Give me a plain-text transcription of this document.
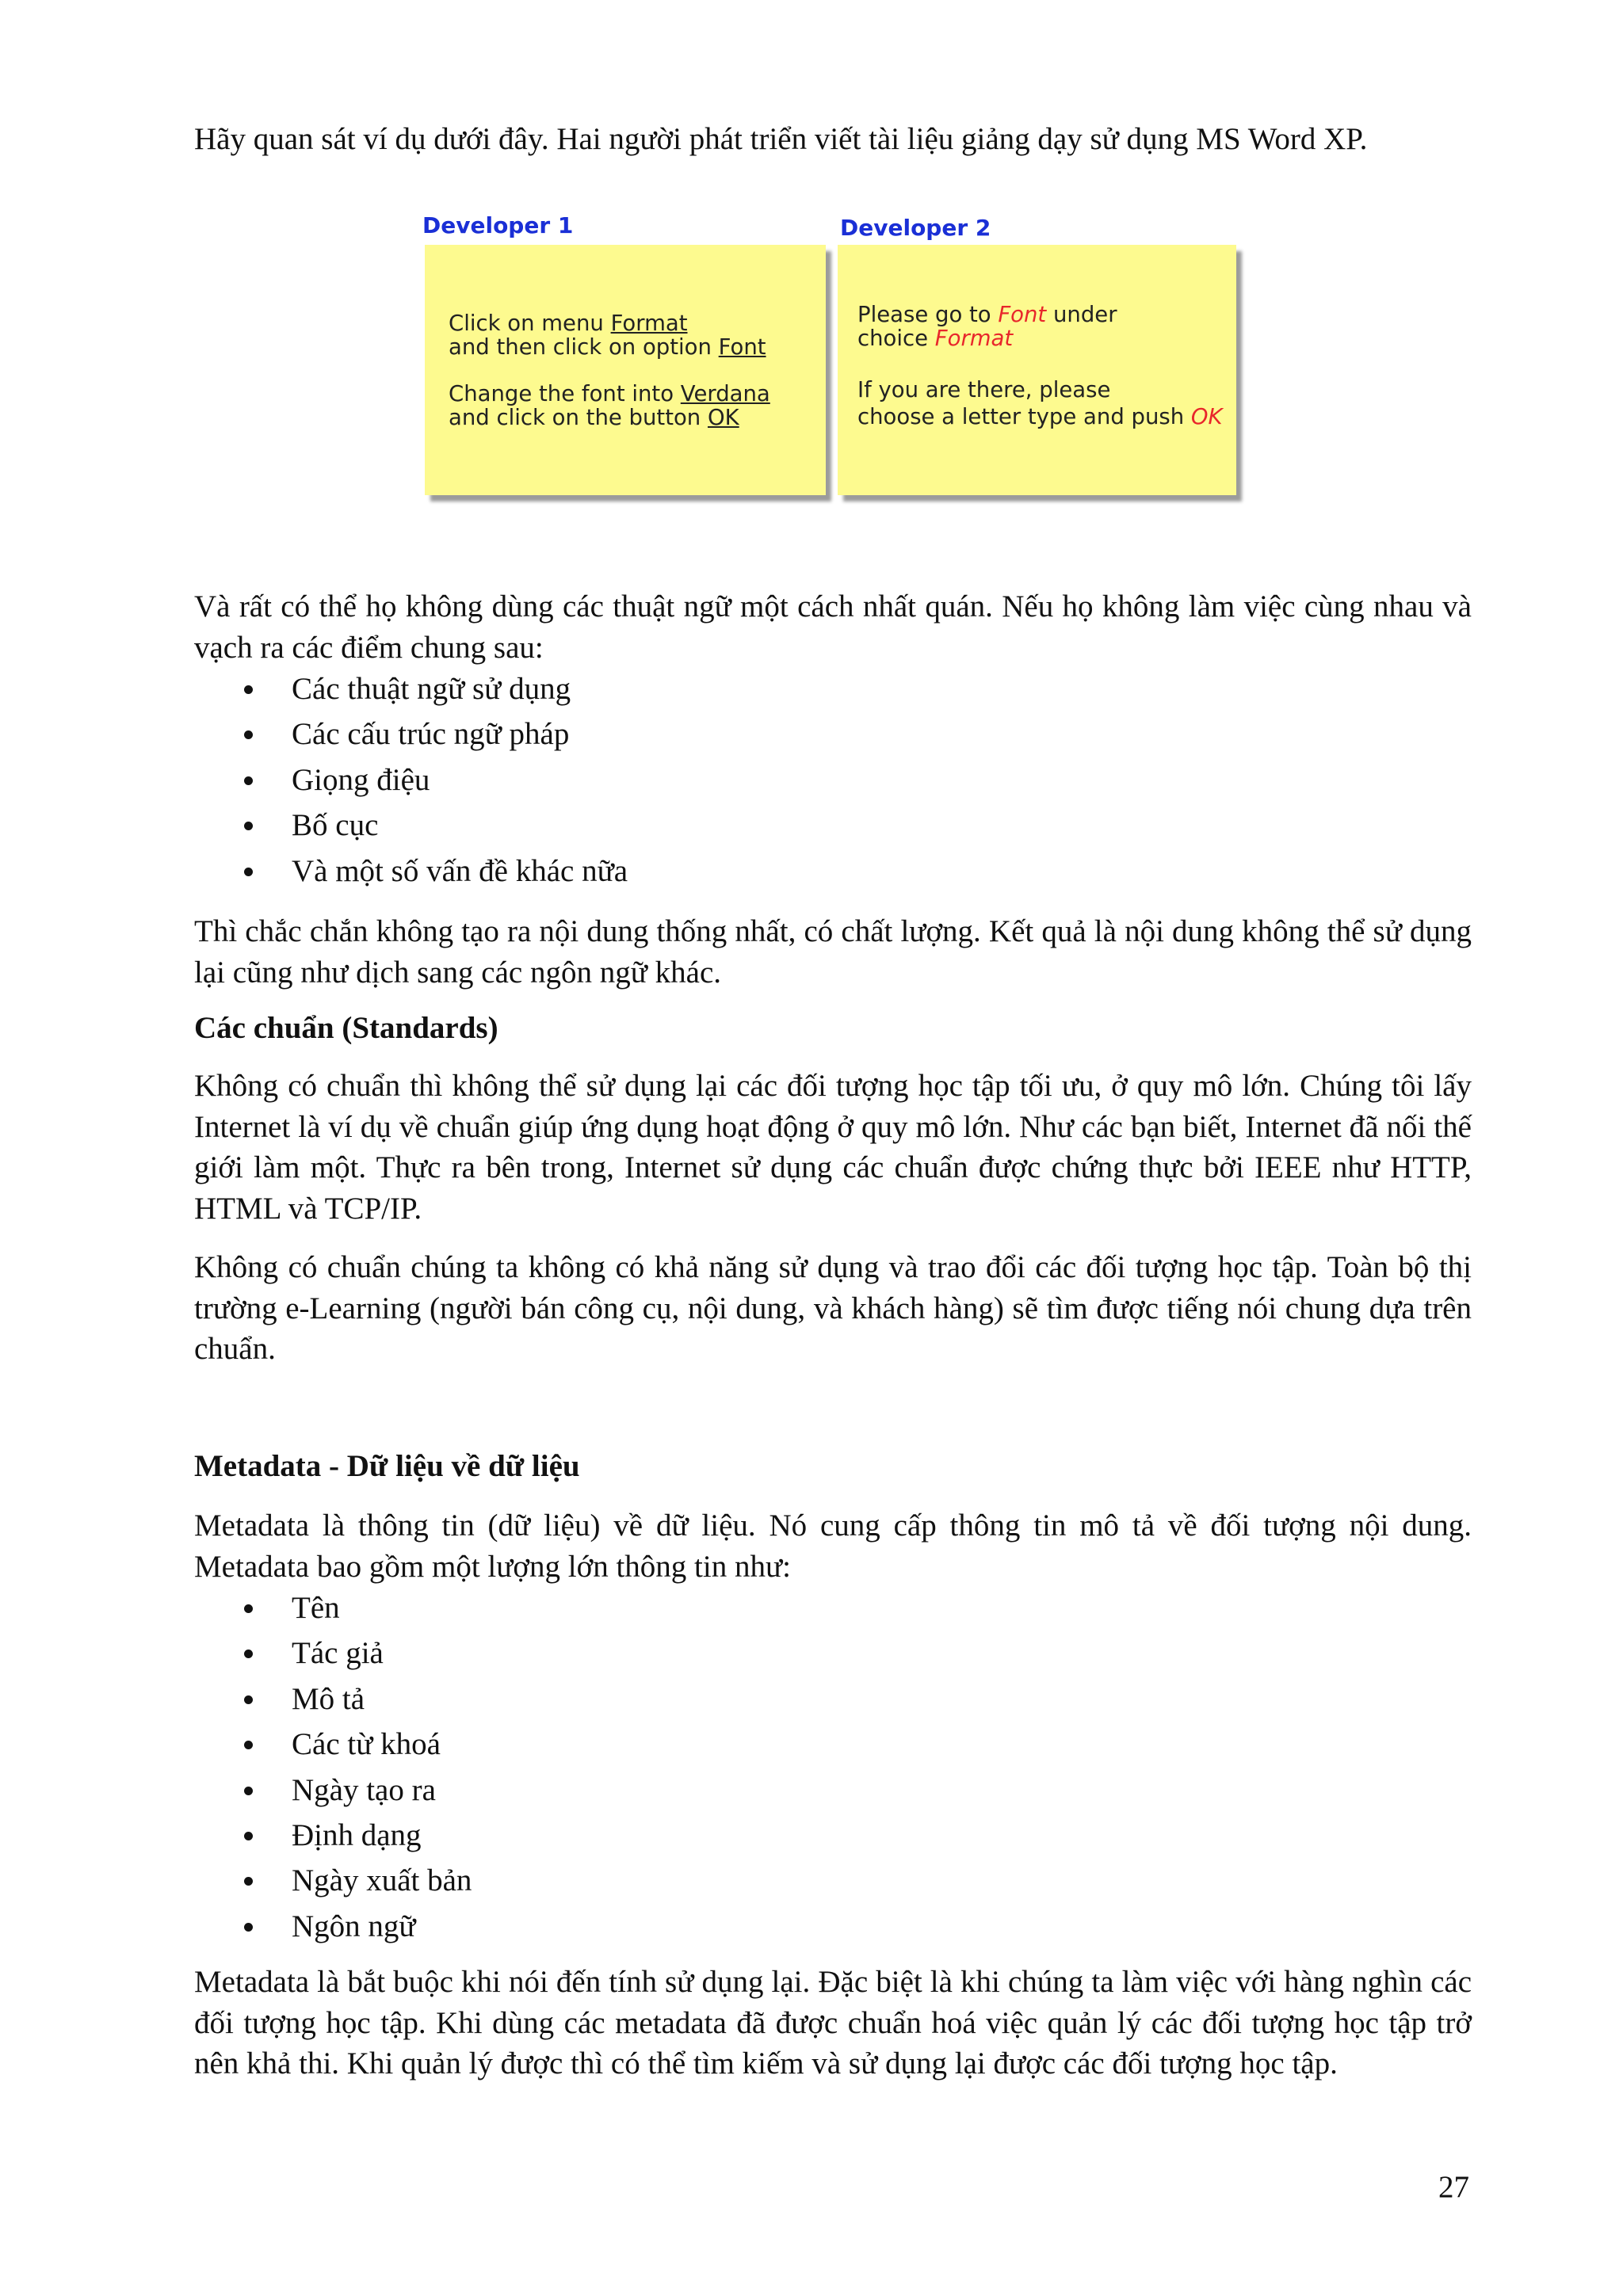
Hãy quan sát ví dụ dưới đây. Hai người phát triển viết tài liệu giảng dạy sử dụng MS Word XP.

Developer 1	Developer 2
Click on menu Format
and then click on option Font
Change the font into Verdana
and click on the button OK
Please go to Font under
choice Format
If you are there, please
choose a letter type and push OK

Và rất có thể họ không dùng các thuật ngữ một cách nhất quán. Nếu họ không làm việc cùng nhau và vạch ra các điểm chung sau:

Các thuật ngữ sử dụng
Các cấu trúc ngữ pháp
Giọng điệu
Bố cục
Và một số vấn đề khác nữa

Thì chắc chắn không tạo ra nội dung thống nhất, có chất lượng. Kết quả là nội dung không thể sử dụng lại cũng như dịch sang các ngôn ngữ khác.

Các chuẩn (Standards)

Không có chuẩn thì không thể sử dụng lại các đối tượng học tập tối ưu, ở quy mô lớn. Chúng tôi lấy Internet là ví dụ về chuẩn giúp ứng dụng hoạt động ở quy mô lớn. Như các bạn biết, Internet đã nối thế giới làm một. Thực ra bên trong, Internet sử dụng các chuẩn được chứng thực bởi IEEE như HTTP, HTML và TCP/IP.

Không có chuẩn chúng ta không có khả năng sử dụng và trao đổi các đối tượng học tập. Toàn bộ thị trường e-Learning (người bán công cụ, nội dung, và khách hàng) sẽ tìm được tiếng nói chung dựa trên chuẩn.

Metadata - Dữ liệu về dữ liệu

Metadata là thông tin (dữ liệu) về dữ liệu. Nó cung cấp thông tin mô tả về đối tượng nội dung. Metadata bao gồm một lượng lớn thông tin như:

Tên
Tác giả
Mô tả
Các từ khoá
Ngày tạo ra
Định dạng
Ngày xuất bản
Ngôn ngữ

Metadata là bắt buộc khi nói đến tính sử dụng lại. Đặc biệt là khi chúng ta làm việc với hàng nghìn các đối tượng học tập. Khi dùng các metadata đã được chuẩn hoá việc quản lý các đối tượng học tập trở nên khả thi. Khi quản lý được thì có thể tìm kiếm và sử dụng lại được các đối tượng học tập.

27
